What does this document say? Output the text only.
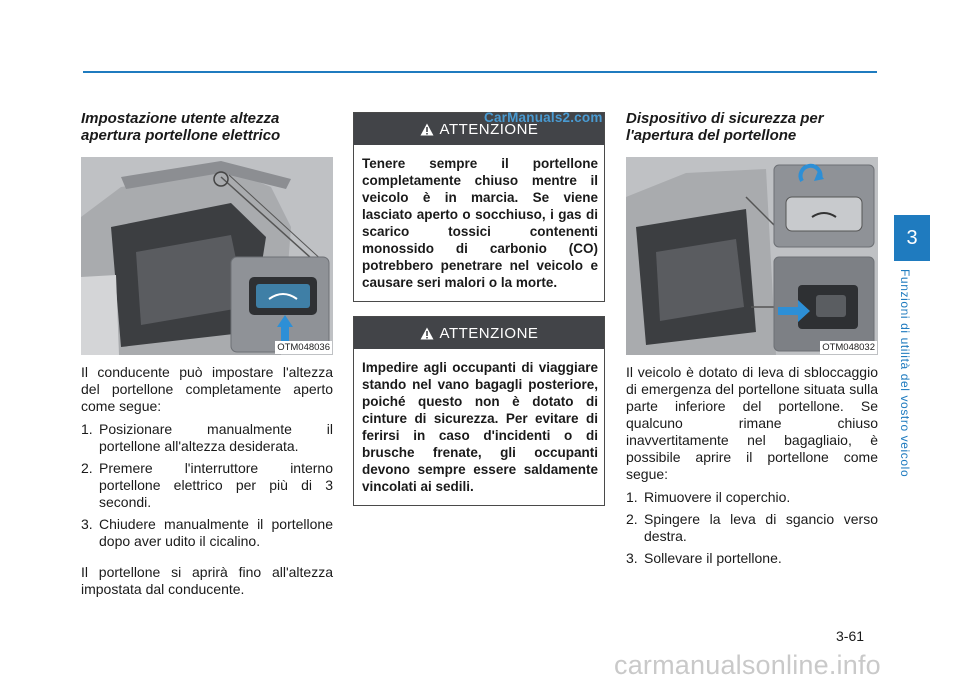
Impostazione utente altezza apertura portellone elettrico
OTM048036
Il conducente può impostare l'altezza del portellone completamente aperto come segue:
1. Posizionare manualmente il portellone all'altezza desiderata.
2. Premere l'interruttore interno portellone elettrico per più di 3 secondi.
3. Chiudere manualmente il portellone dopo aver udito il cicalino.
Il portellone si aprirà fino all'altezza impostata dal conducente.
ATTENZIONE
Tenere sempre il portellone completamente chiuso mentre il veicolo è in marcia. Se viene lasciato aperto o socchiuso, i gas di scarico tossici contenenti monossido di carbonio (CO) potrebbero penetrare nel veicolo e causare seri malori o la morte.
ATTENZIONE
Impedire agli occupanti di viaggiare stando nel vano bagagli posteriore, poiché questo non è dotato di cinture di sicurezza. Per evitare di ferirsi in caso d'incidenti o di brusche frenate, gli occupanti devono sempre essere saldamente vincolati ai sedili.
CarManuals2.com Dispositivo di sicurezza per l'apertura del portellone
OTM048032
Il veicolo è dotato di leva di sbloccaggio di emergenza del portellone situata sulla parte inferiore del portellone. Se qualcuno rimane chiuso inavvertitamente nel bagagliaio, è possibile aprire il portellone come segue:
1. Rimuovere il coperchio.
2. Spingere la leva di sgancio verso destra.
3. Sollevare il portellone.
3
Funzioni di utilità del vostro veicolo
3-61
carmanualsonline.info
